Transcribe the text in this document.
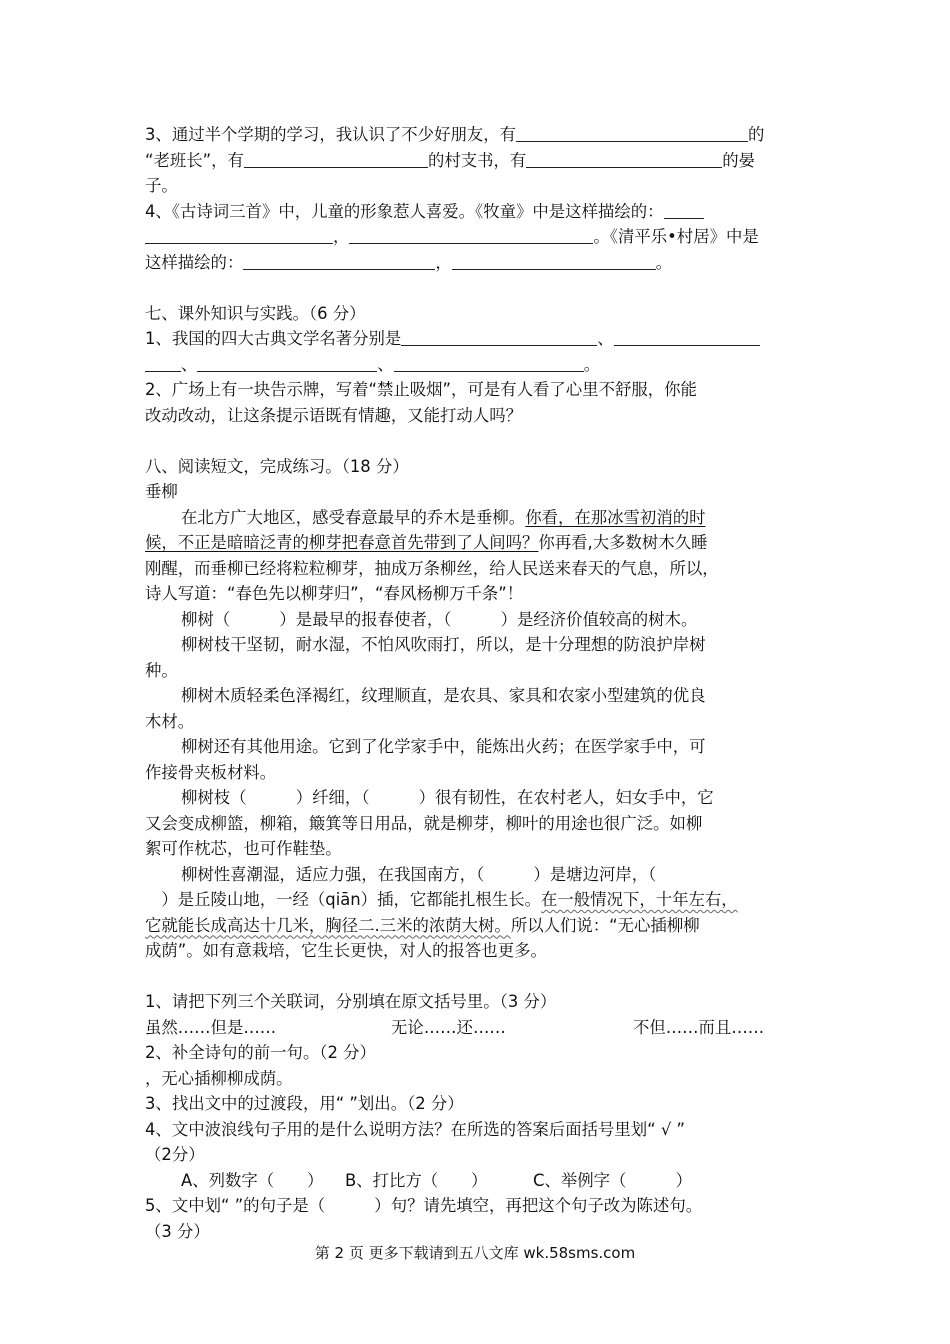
3、通过半个学期的学习，我认识了不少好朋友，有	的
“老班长”，有	的村支书，有	的晏
子。
4、《古诗词三首》中，儿童的形象惹人喜爱。《牧童》中是这样描绘的：
，	。《清平乐•村居》中是
这样描绘的：	，	。
七、课外知识与实践。（6 分）
1、我国的四大古典文学名著分别是	、
、	、	。
2、广场上有一块告示牌，写着“禁止吸烟”，可是有人看了心里不舒服，你能
改动改动，让这条提示语既有情趣，又能打动人吗？
八、阅读短文，完成练习。（18 分）
垂柳
在北方广大地区，感受春意最早的乔木是垂柳。你看，在那冰雪初消的时
候，不正是暗暗泛青的柳芽把春意首先带到了人间吗？你再看,大多数树木久睡
刚醒，而垂柳已经将粒粒柳芽，抽成万条柳丝，给人民送来春天的气息，所以，
诗人写道：“春色先以柳芽归”，“春风杨柳万千条”！
柳树（　　　）是最早的报春使者，（　　　）是经济价值较高的树木。
柳树枝干坚韧，耐水湿，不怕风吹雨打，所以，是十分理想的防浪护岸树
种。
柳树木质轻柔色泽褐红，纹理顺直，是农具、家具和农家小型建筑的优良
木材。
柳树还有其他用途。它到了化学家手中，能炼出火药；在医学家手中，可
作接骨夹板材料。
柳树枝（　　　）纤细，（　　　）很有韧性，在农村老人，妇女手中，它
又会变成柳篮，柳箱，簸箕等日用品，就是柳芽，柳叶的用途也很广泛。如柳
絮可作枕芯，也可作鞋垫。
柳树性喜潮湿，适应力强，在我国南方，（　　　）是塘边河岸，（
　）是丘陵山地，一经（qiān）插，它都能扎根生长。在一般情况下，十年左右，
它就能长成高达十几米，胸径二.三米的浓荫大树。所以人们说：“无心插柳柳
成荫”。如有意栽培，它生长更快，对人的报答也更多。
1、请把下列三个关联词，分别填在原文括号里。（3 分）
虽然……但是……	无论……还……	不但……而且……
2、补全诗句的前一句。（2 分）
，无心插柳柳成荫。
3、找出文中的过渡段，用“ ”划出。（2 分）
4、文中波浪线句子用的是什么说明方法？在所选的答案后面括号里划“ √ ”
（2分）
A、列数字（　　）	B、打比方（　　）	C、举例字（　　　）
5、文中划“ ”的句子是（　　　）句？请先填空，再把这个句子改为陈述句。
（3 分）
第 2 页 更多下载请到五八文库 wk.58sms.com
